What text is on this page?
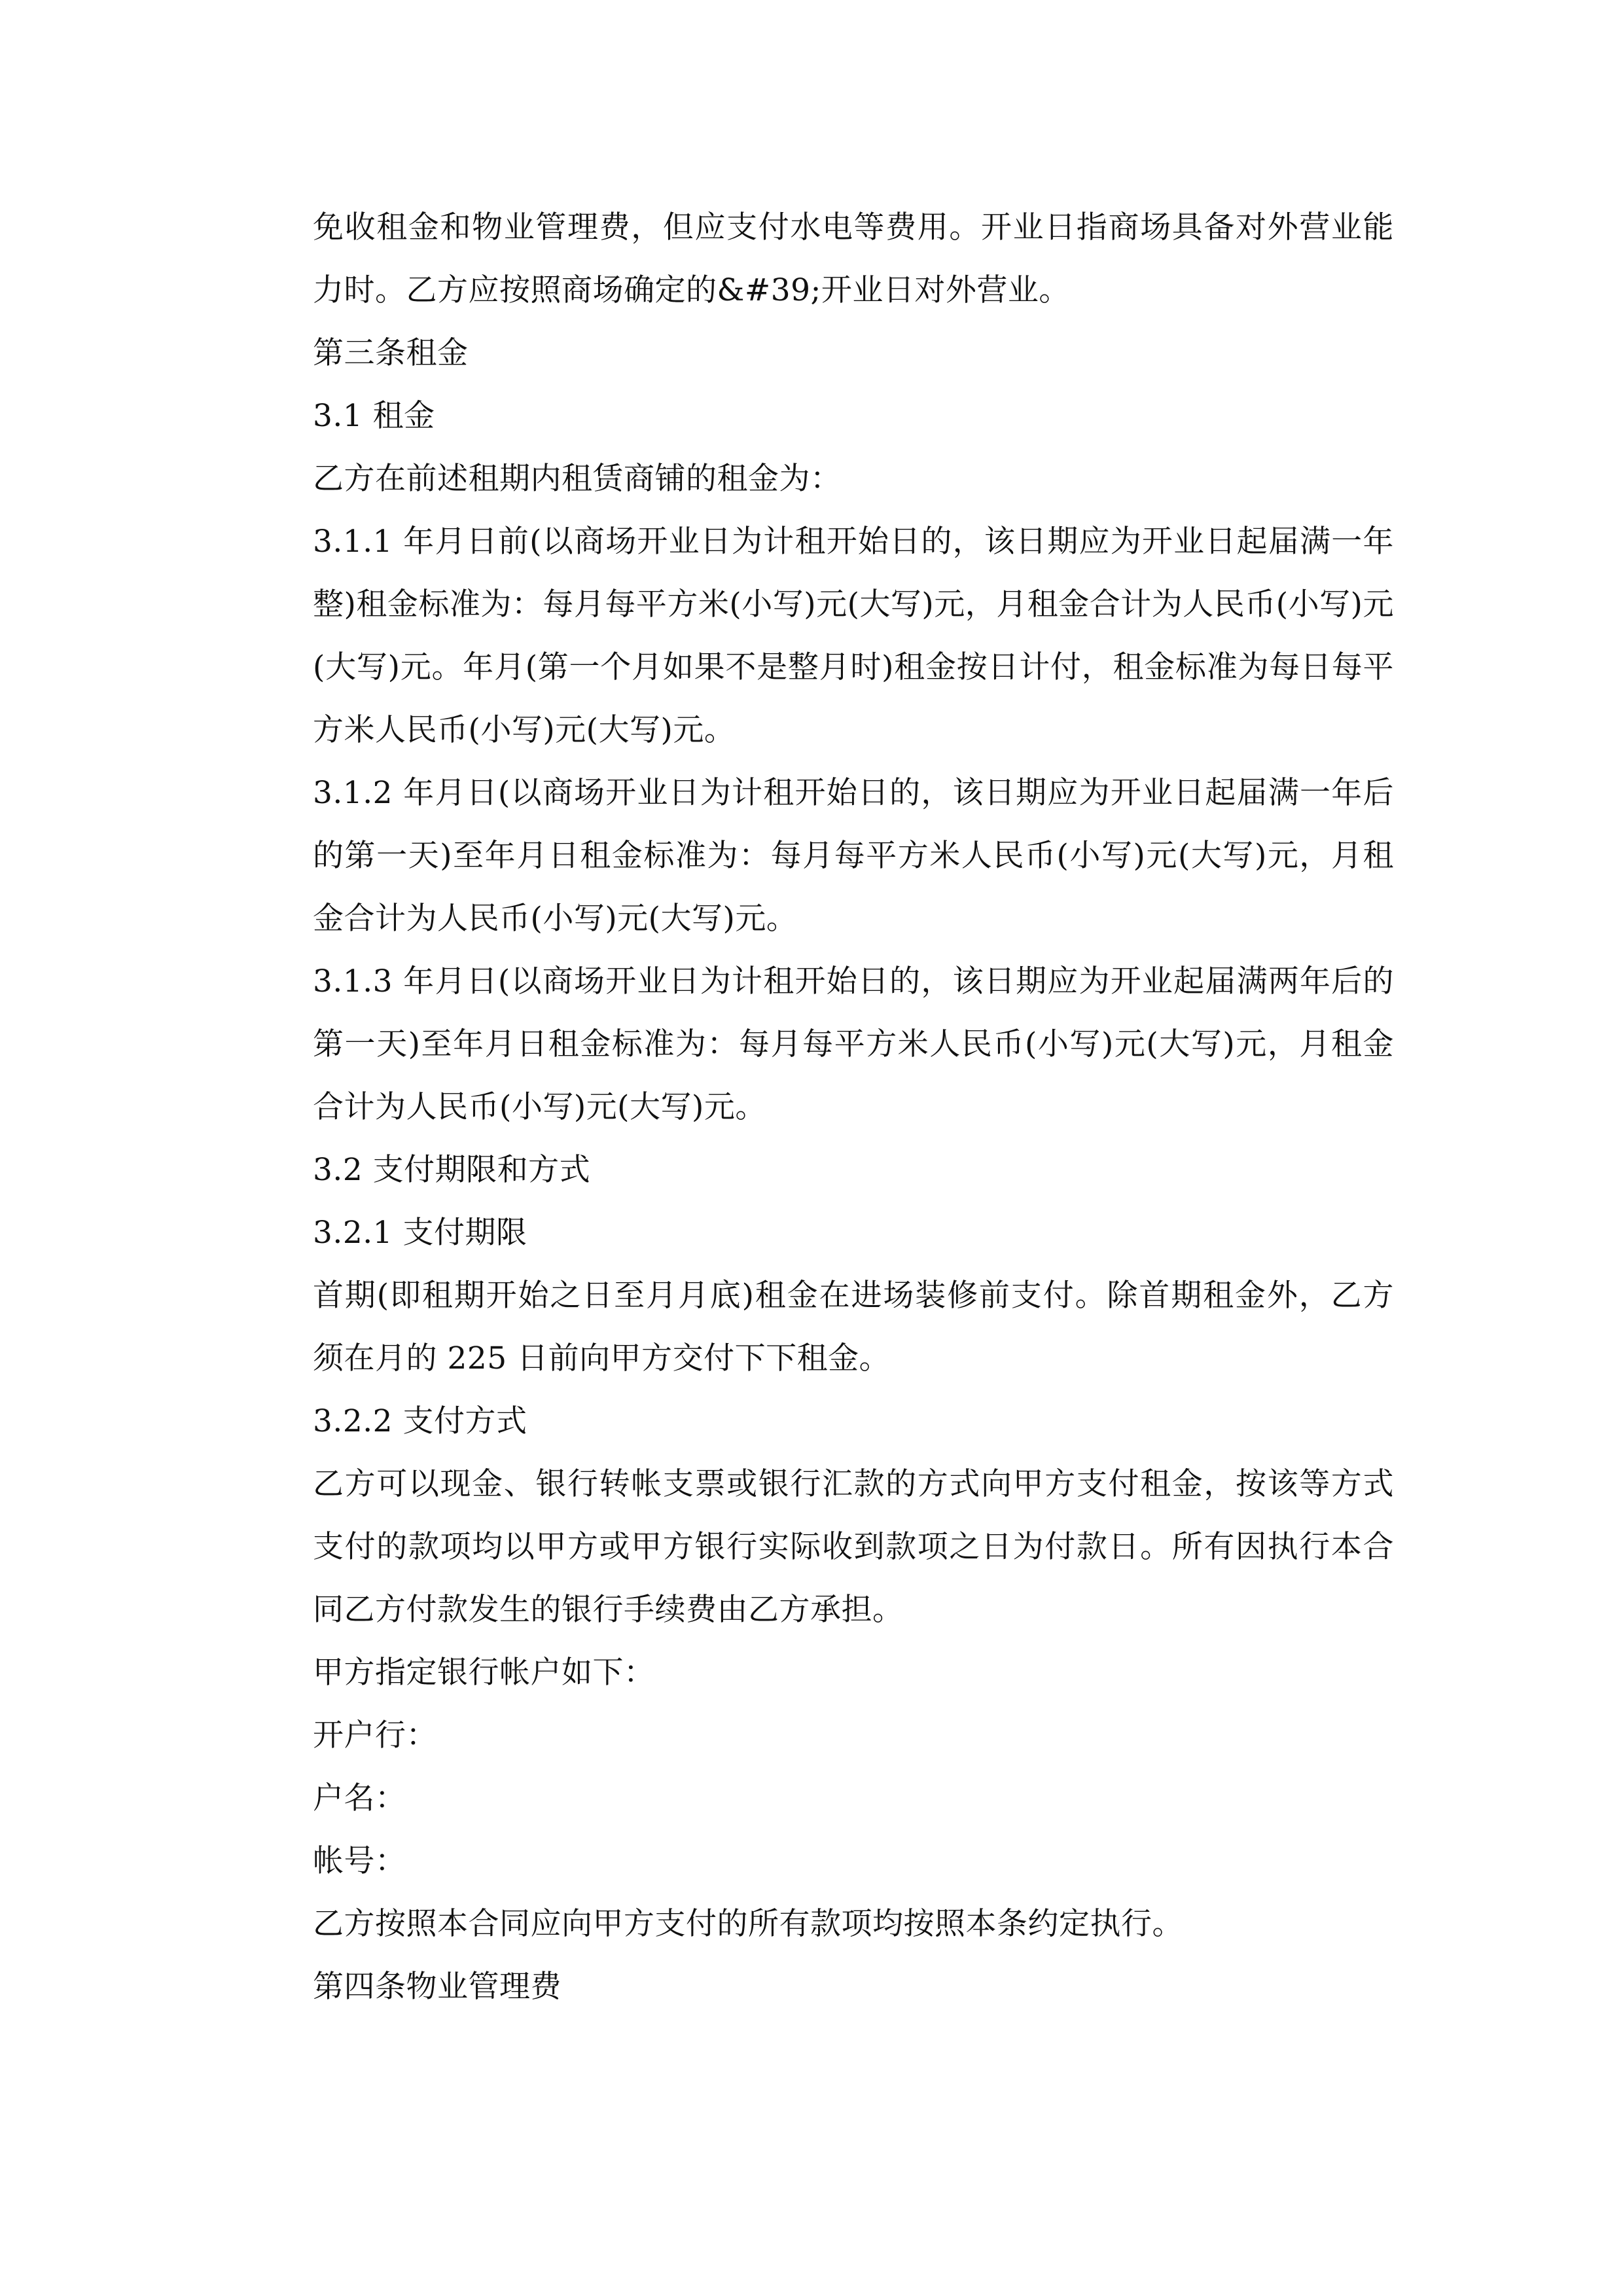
免收租金和物业管理费，但应支付水电等费用。开业日指商场具备对外营业能力时。乙方应按照商场确定的&#39;开业日对外营业。

第三条租金

3.1 租金

乙方在前述租期内租赁商铺的租金为：

3.1.1 年月日前(以商场开业日为计租开始日的，该日期应为开业日起届满一年整)租金标准为：每月每平方米(小写)元(大写)元，月租金合计为人民币(小写)元(大写)元。年月(第一个月如果不是整月时)租金按日计付，租金标准为每日每平方米人民币(小写)元(大写)元。

3.1.2 年月日(以商场开业日为计租开始日的，该日期应为开业日起届满一年后的第一天)至年月日租金标准为：每月每平方米人民币(小写)元(大写)元，月租金合计为人民币(小写)元(大写)元。

3.1.3 年月日(以商场开业日为计租开始日的，该日期应为开业起届满两年后的第一天)至年月日租金标准为：每月每平方米人民币(小写)元(大写)元，月租金合计为人民币(小写)元(大写)元。

3.2 支付期限和方式

3.2.1 支付期限

首期(即租期开始之日至月月底)租金在进场装修前支付。除首期租金外，乙方须在月的 225 日前向甲方交付下下租金。

3.2.2 支付方式

乙方可以现金、银行转帐支票或银行汇款的方式向甲方支付租金，按该等方式支付的款项均以甲方或甲方银行实际收到款项之日为付款日。所有因执行本合同乙方付款发生的银行手续费由乙方承担。

甲方指定银行帐户如下：

开户行：

户名：

帐号：

乙方按照本合同应向甲方支付的所有款项均按照本条约定执行。

第四条物业管理费
